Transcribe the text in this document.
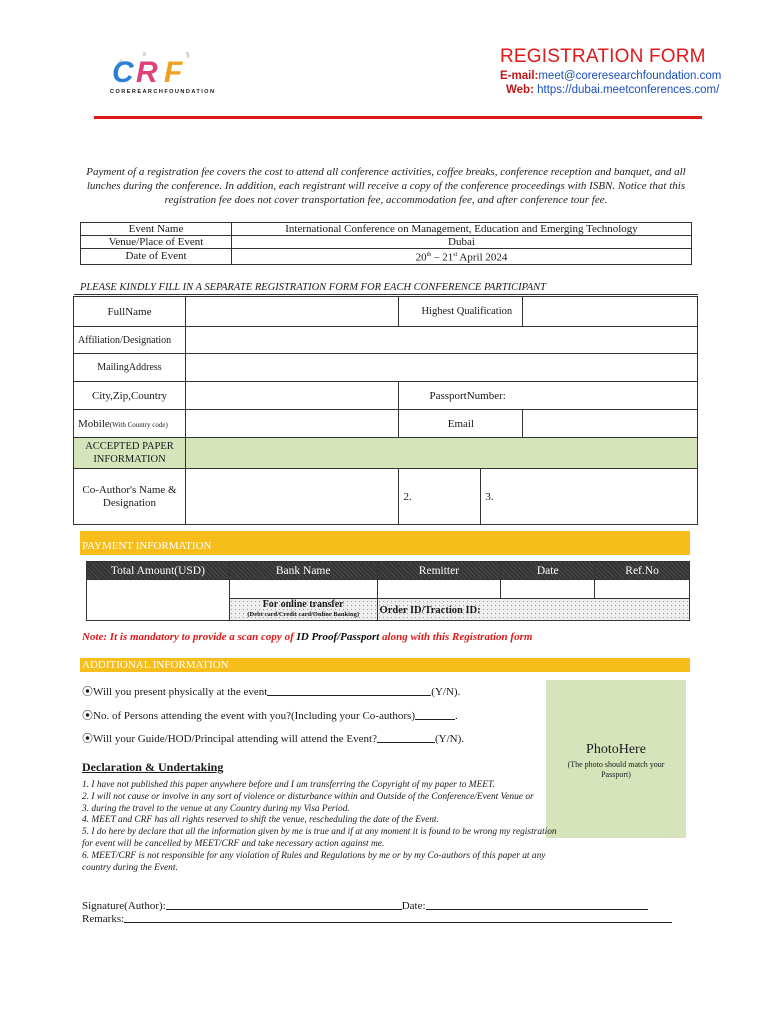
C R F
COREREARCHFOUNDATION
REGISTRATION FORM
E-mail:meet@coreresearchfoundation.com
Web: https://dubai.meetconferences.com/
Payment of a registration fee covers the cost to attend all conference activities, coffee breaks, conference reception and banquet, and all lunches during the conference. In addition, each registrant will receive a copy of the conference proceedings with ISBN. Notice that this registration fee does not cover transportation fee, accommodation fee, and after conference tour fee.
Event Name	International Conference on Management, Education and Emerging Technology
Venue/Place of Event	Dubai
Date of Event	20th – 21st April 2024
PLEASE KINDLY FILL IN A SEPARATE REGISTRATION FORM FOR EACH CONFERENCE PARTICIPANT
FullName		Highest Qualification		
Affiliation/Designation				
MailingAddress				
City,Zip,Country		PassportNumber:		
Mobile(With Country code)		Email		
ACCEPTED PAPER INFORMATION				
Co-Author's Name & Designation		2.	3.	
PAYMENT INFORMATION
Total Amount(USD)	Bank Name	Remitter	Date	Ref.No

	For online transfer
(Debt card/Credit card/Online Banking)	Order ID/Traction ID:		
Note: It is mandatory to provide a scan copy of ID Proof/Passport along with this Registration form
ADDITIONAL INFORMATION
⦿Will you present physically at the event	(Y/N).
⦿No. of Persons attending the event with you?(Including your Co-authors)	.
⦿Will your Guide/HOD/Principal attending will attend the Event?	(Y/N).
PhotoHere
(The photo should match your Passport)
Declaration & Undertaking
1. I have not published this paper anywhere before and I am transferring the Copyright of my paper to MEET.
2. I will not cause or involve in any sort of violence or disturbance within and Outside of the Conference/Event Venue or
3. during the travel to the venue at any Country during my Visa Period.
4. MEET and CRF has all rights reserved to shift the venue, rescheduling the date of the Event.
5. I do here by declare that all the information given by me is true and if at any moment it is found to be wrong my registration for event will be cancelled by MEET/CRF and take necessary action against me.
6. MEET/CRF is not responsible for any violation of Rules and Regulations by me or by my Co-authors of this paper at any country during the Event.
Signature(Author):	Date:
Remarks:
